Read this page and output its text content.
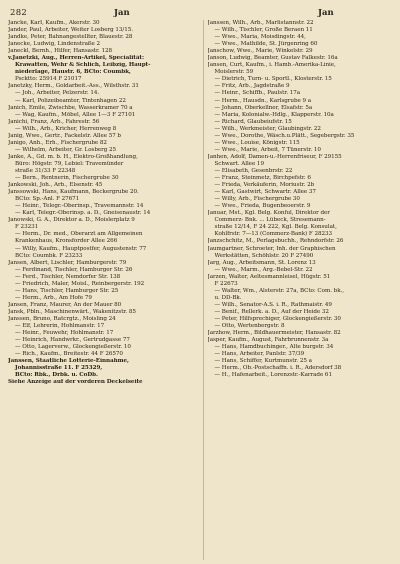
282	Jan	Jan
Jancke, Karl, Kaufm., Akerstr. 30
Jander, Paul, Arbeiter, Weiter Losberg 13/15.
Jandke, Peter, Bahnangestellter, Blauestr. 28
Janecke, Ludwig, Lindenstraße 2
Janeckl, Bernh., Hilfer, Hansastr. 128
v.Janetzki, Aug., Herren-Artikel, Specialität:
Krawatten, Wehr & Schlich, Leibzig, Haupt-
niederlage, Haustr. 6, BCto: Coumbk,
Pscktto: 25914 F 21017
Janetzky, Herm., Goldarbeit.-Ass., Wilsthstr. 31
— Joh., Arbeiter, Pelzerstr. 14.
— Karl, Polizeibeamter, Tintenhagen 22
Janich, Emile, Zwischbe, Wasserkramer 70 a
— Wag, Kaufm., Möbel, Allee 1—3 F 27101
Janichi, Franz, Arb., Fahrestr. 56
— Wilh., Arb., Kricher, Herrenweg 8
Janig, Wwe., Gertr., Fackelstr. Allee 57 b
Janigo, Anh., Erh., Fischergrube 82
— Wilhelm, Arbeiter, Gr. Losberg 25
Janke, A., Gd. m. b. H., Elektro-Großhandlung,
Büro: Högstr. 79, Lebiel: Travemünder
straße 31/33 F 22348
— Bern., Rentnerin, Fischergrube 30
Jankowski, Joh., Arb., Elsenstr. 45
Janssowski, Hans, Kaufmann, Beckergrube 20.
BCto: Sp.-Anl. F 27671
— Heinr., Telegr.-Oberinsp., Travemannstr. 14
— Karl, Telegr.-Oberinsp. a. D., Gneisenaustr. 14
Janowski, G. A., Direktor a. D., Moislerplatz 9
F 23231
— Herm., Dr. med., Oberarzt am Allgemeinen
Krankenhaus, Kronsforder Allee 266
— Willy, Kaufm., Hauptpostfer, Augustenstr. 77
BCto: Coumbk. F 23233
Jansen, Albert, Lischler, Hamburgerstr. 79
— Ferdinand, Tischler, Hamburger Str. 26
— Ferd., Tischler, Nemdorfer Str. 138
— Friedrich, Maler, Moisl., Reinbergerstr. 192
— Hans, Tischler, Hamburger Str. 25
— Herm., Arb., Am Hofe 79
Jansen, Franz, Maurer, An der Mauer 80
Jansk, Pbln., Maschinenwärt., Wakenitzstr. 85
Janssen, Bruno, Ratcrgtz., Moisling 24
— Elf, Lehrerin, Hohlmanstr. 17
— Heinr., Feuwehr, Hohlmanstr. 17
— Heinrich, Handwrkr., Gertrudgasse 77
— Otto, Lagerverw., Glockengießerstr. 10
— Rich., Kaufm., Breitestr. 44 F 26570
Janssen, Staatliche Lotterie-Einnahme,
Johannisstraße 11. F 25329,
BCto: Rbk., Drbk. u. CoDb.
Siehe Anzeige auf der vorderen Deckelseite
Janssen, Wilh., Arb., Marlistannstr. 22
— Wilh., Tischler, Große Beraen 11
— Wwe., Maria, Moisdingstr. 44,
— Wwe., Mathilde, St. Jürgenring 60
Janschow, Wwe., Marie, Winkelstr. 29
Janson, Ludwig, Beamter, Gustav Falkestr. 16a
Jansen, Curt, Kaufm., i. Hamb.-Amerika-Linie,
Moislerstr. 59
— Dietrich, Turn- u. Sportl., Klosterstr. 15
— Fritz, Arb., Jagdstraße 9
— Heinr., Schiffb., Paulstr. 17a
— Herm., Hausdn., Karlsgrube 9 a
— Johann, Oberkellner, Elsafstr. 5a
— Maria, Kolonialw.-Hdlg., Klapperstr. 10a
— Richard, Glaubeiufstr. 15
— Wilh., Werkmeister, Glaubingstr. 22
— Wwe., Dorothe, Wäsch.u.Plätt., Segebergstr. 35
— Wwe., Louise, Königstr. 115
— Wwe., Marie, Arbeit, 7 Tünerstr. 10
Janhen, Adolf, Damen-u.-Herrenfriseur, F 29155
Schwart. Allee 19
— Elisabeth, Gesenbrstr. 22
— Franz, Steinmetz, Birchpefstr. 6
— Frieda, Verkäuferin, Moriustr. 2b
— Karl, Gastwirt, Schwartr. Allee 37
— Willy, Arb., Fischergrube 30
— Wwe., Frieda, Bugenbeoerstr. 9
Januar, Mst., Kgl. Belg. Konful, Direktor der
Commerz- Bnk. ... Lübeck, Stresemann-
straße 12/14, F 24 222, Kgl. Belg. Konsulat,
Kohlfrstr. 7—13 (Commerz-Bank) F 28233
Janzschchitz, M., Perlagsbuchh., Rehndorfstr. 26
Jaumgartner, Schroeter, Inh. der Graphischen
Werkstätten, Schöhlstr. 20 F 27490
Jarg, Aug., Arbeitsmann, St. Lorenz 13
— Wwe., Marm., Arg.-Bebel-Str. 22
Jarzen, Walter, Aeltesmannleisel, Hügstr. 51
F 22673
— Walter, Wm., Alsterstr. 27a, BCto: Com. bk.,
u. DD-Bk.
— Wilh., Senator-A.S. i. R., Rathmaistr. 49
— Benif., Rellerk. a. D., Auf der Heide 32
— Peter, Hilfsprechiger, Glockengießerstr. 30
— Otto, Wertenbergstr. 8
Jarzhow, Herm., Bildhauermeister, Hansastr. 82
Jasper, Kaufm., August, Fahrbrunnenstr. 3a
— Hans, Hamdbuchinger., Alte burgstr. 34
— Hans, Arbeiter, Panlstr. 37/39
— Hans, Schiffer, Kurtmunstr. 25 a
— Herm., Ob.-Postschaffn. i. R., Adersdorf 38
— H., Hafenarbeit., Lorenzstr.-Karrade 61
